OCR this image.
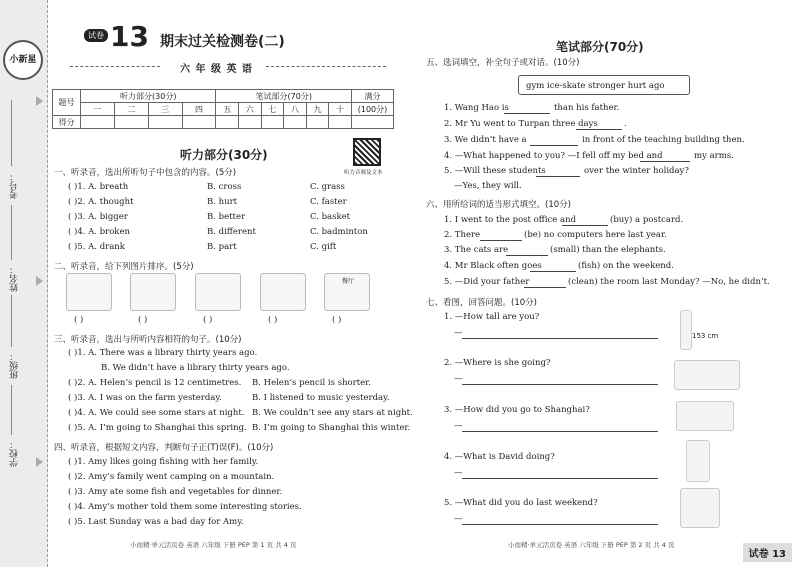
小新星
考号：
姓名：
班级：
学校：
试卷 13 期末过关检测卷(二)
六 年 级 英 语
题号	听力部分(30分)				笔试部分(70分)						满分
	一	二	三	四	五	六	七	八	九	十	(100分)
得分											
听力部分(30分)
听力音频及文本
一、听录音，选出所听句子中包含的内容。(5分)
( )1. A. breath	B. cross	C. grass
( )2. A. thought	B. hurt	C. faster
( )3. A. bigger	B. better	C. basket
( )4. A. broken	B. different	C. badminton
( )5. A. drank	B. part	C. gift
二、听录音，给下列图片排序。(5分)
餐厅
( )	( )	( )	( )	( )
三、听录音，选出与所听内容相符的句子。(10分)
( )1. A. There was a library thirty years ago.
B. We didn’t have a library thirty years ago.
( )2. A. Helen’s pencil is 12 centimetres. B. Helen’s pencil is shorter.
( )3. A. I was on the farm yesterday.	B. I listened to music yesterday.
( )4. A. We could see some stars at night. B. We couldn’t see any stars at night.
( )5. A. I’m going to Shanghai this spring. B. I’m going to Shanghai this winter.
四、听录音，根据短文内容，判断句子正(T)误(F)。(10分)
( )1. Amy likes going fishing with her family.
( )2. Amy’s family went camping on a mountain.
( )3. Amy ate some fish and vegetables for dinner.
( )4. Amy’s mother told them some interesting stories.
( )5. Last Sunday was a bad day for Amy.
小而精·单元活页卷 英语 六年级 下册 PEP 第 1 页 共 4 页
笔试部分(70分)
五、选词填空，补全句子或对话。(10分)
gym ice-skate stronger hurt ago
1. Wang Hao is	than his father.
2. Mr Yu went to Turpan three days	.
3. We didn’t have a	in front of the teaching building then.
4. —What happened to you? —I fell off my bed and	my arms.
5. —Will these students	over the winter holiday?
—Yes, they will.
六、用所给词的适当形式填空。(10分)
1. I went to the post office and	(buy) a postcard.
2. There	(be) no computers here last year.
3. The cats are	(small) than the elephants.
4. Mr Black often goes	(fish) on the weekend.
5. —Did your father	(clean) the room last Monday? —No, he didn’t.
七、看图，回答问题。(10分)
1. —How tall are you?
—	153 cm
2. —Where is she going?
—
3. —How did you go to Shanghai?
—
4. —What is David doing?
—
5. —What did you do last weekend?
—
小而精·单元活页卷 英语 六年级 下册 PEP 第 2 页 共 4 页
试卷 13
